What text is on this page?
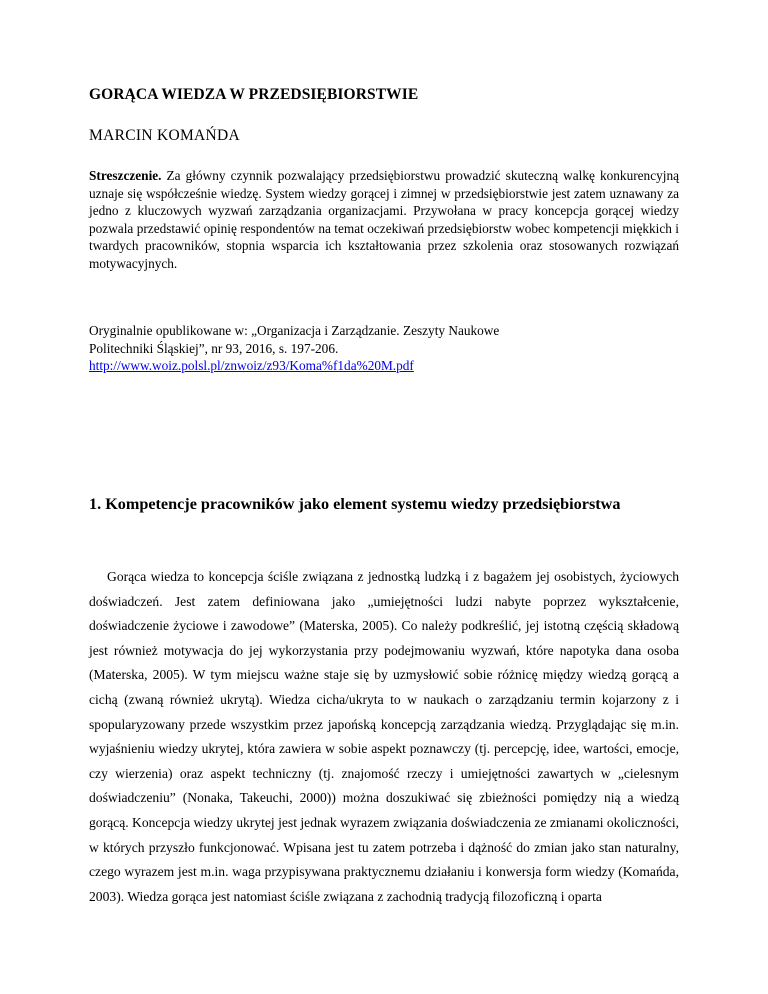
GORĄCA WIEDZA W PRZEDSIĘBIORSTWIE

MARCIN KOMAŃDA

Streszczenie. Za główny czynnik pozwalający przedsiębiorstwu prowadzić skuteczną walkę konkurencyjną uznaje się współcześnie wiedzę. System wiedzy gorącej i zimnej w przedsiębiorstwie jest zatem uznawany za jedno z kluczowych wyzwań zarządzania organizacjami. Przywołana w pracy koncepcja gorącej wiedzy pozwala przedstawić opinię respondentów na temat oczekiwań przedsiębiorstw wobec kompetencji miękkich i twardych pracowników, stopnia wsparcia ich kształtowania przez szkolenia oraz stosowanych rozwiązań motywacyjnych.

Oryginalnie opublikowane w: „Organizacja i Zarządzanie. Zeszyty Naukowe
Politechniki Śląskiej”, nr 93, 2016, s. 197-206.
http://www.woiz.polsl.pl/znwoiz/z93/Koma%f1da%20M.pdf

1. Kompetencje pracowników jako element systemu wiedzy przedsiębiorstwa

Gorąca wiedza to koncepcja ściśle związana z jednostką ludzką i z bagażem jej osobistych, życiowych doświadczeń. Jest zatem definiowana jako „umiejętności ludzi nabyte poprzez wykształcenie, doświadczenie życiowe i zawodowe” (Materska, 2005). Co należy podkreślić, jej istotną częścią składową jest również motywacja do jej wykorzystania przy podejmowaniu wyzwań, które napotyka dana osoba (Materska, 2005). W tym miejscu ważne staje się by uzmysłowić sobie różnicę między wiedzą gorącą a cichą (zwaną również ukrytą). Wiedza cicha/ukryta to w naukach o zarządzaniu termin kojarzony z i spopularyzowany przede wszystkim przez japońską koncepcją zarządzania wiedzą. Przyglądając się m.in. wyjaśnieniu wiedzy ukrytej, która zawiera w sobie aspekt poznawczy (tj. percepcję, idee, wartości, emocje, czy wierzenia) oraz aspekt techniczny (tj. znajomość rzeczy i umiejętności zawartych w „cielesnym doświadczeniu” (Nonaka, Takeuchi, 2000)) można doszukiwać się zbieżności pomiędzy nią a wiedzą gorącą. Koncepcja wiedzy ukrytej jest jednak wyrazem związania doświadczenia ze zmianami okoliczności, w których przyszło funkcjonować. Wpisana jest tu zatem potrzeba i dążność do zmian jako stan naturalny, czego wyrazem jest m.in. waga przypisywana praktycznemu działaniu i konwersja form wiedzy (Komańda, 2003). Wiedza gorąca jest natomiast ściśle związana z zachodnią tradycją filozoficzną i oparta
